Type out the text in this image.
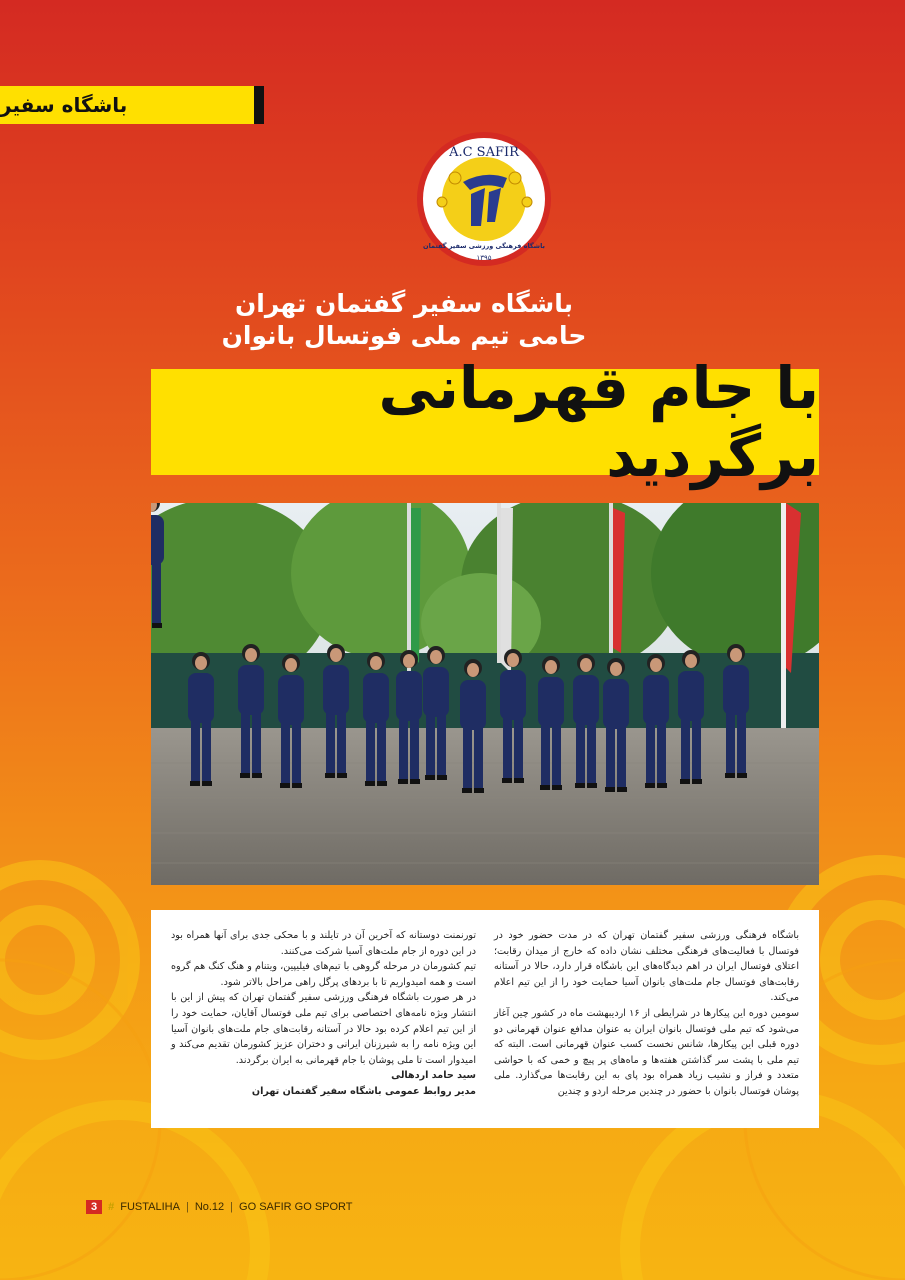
باشگاه سفیر
A.C SAFIR
باشگاه فرهنگی ورزشی سفیر گفتمان
۱۳۹۵
باشگاه سفیر گفتمان تهران
حامی تیم ملی فوتسال بانوان
با جام قهرمانی برگردید

باشگاه فرهنگی ورزشی سفیر گفتمان تهران که در مدت حضور خود در فوتسال با فعالیت‌های فرهنگی مختلف نشان داده که خارج از میدان رقابت؛ اعتلای فوتسال ایران در اهم دیدگاه‌های این باشگاه قرار دارد، حالا در آستانه رقابت‌های فوتسال جام ملت‌های بانوان آسیا حمایت خود را از این تیم اعلام می‌کند.

سومین دوره این پیکارها در شرایطی از ۱۶ اردیبهشت ماه در کشور چین آغاز می‌شود که تیم ملی فوتسال بانوان ایران به عنوان مدافع عنوان قهرمانی دو دوره قبلی این پیکارها، شانس نخست کسب عنوان قهرمانی است. البته که تیم ملی با پشت سر گذاشتن هفته‌ها و ماه‌های پر پیچ و خمی که با حواشی متعدد و فراز و نشیب زیاد همراه بود پای به این رقابت‌ها می‌گذارد. ملی پوشان فوتسال بانوان با حضور در چندین مرحله اردو و چندین

تورنمنت دوستانه که آخرین آن در تایلند و با محکی جدی برای آنها همراه بود در این دوره از جام ملت‌های آسیا شرکت می‌کنند.

تیم کشورمان در مرحله گروهی با تیم‌های فیلیپین، ویتنام و هنگ کنگ هم گروه است و همه امیدواریم تا با بردهای پرگل راهی مراحل بالاتر شود.

در هر صورت باشگاه فرهنگی ورزشی سفیر گفتمان تهران که پیش از این با انتشار ویژه نامه‌های اختصاصی برای تیم ملی فوتسال آقایان، حمایت خود را از این تیم اعلام کرده بود حالا در آستانه رقابت‌های جام ملت‌های بانوان آسیا این ویژه نامه را به شیرزنان ایرانی و دختران عزیز کشورمان تقدیم می‌کند و امیدوار است تا ملی پوشان با جام قهرمانی به ایران برگردند.

سید حامد اردهالی

مدیر روابط عمومی باشگاه سفیر گفتمان تهران

3	# FUSTALIHA | No.12 | GO SAFIR GO SPORT
